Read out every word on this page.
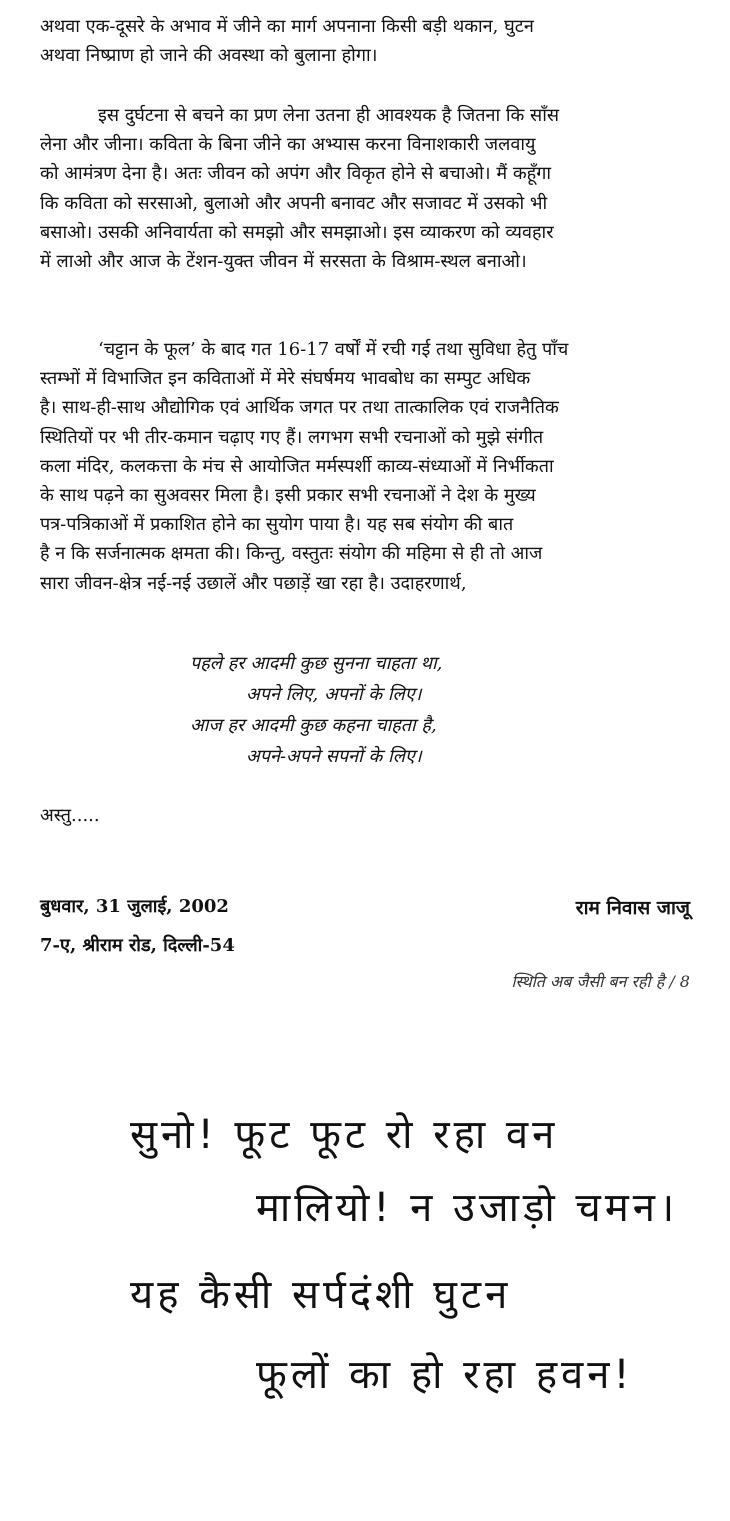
अथवा एक-दूसरे के अभाव में जीने का मार्ग अपनाना किसी बड़ी थकान, घुटन
अथवा निष्प्राण हो जाने की अवस्था को बुलाना होगा।

इस दुर्घटना से बचने का प्रण लेना उतना ही आवश्यक है जितना कि साँस
लेना और जीना। कविता के बिना जीने का अभ्यास करना विनाशकारी जलवायु
को आमंत्रण देना है। अतः जीवन को अपंग और विकृत होने से बचाओ। मैं कहूँगा
कि कविता को सरसाओ, बुलाओ और अपनी बनावट और सजावट में उसको भी
बसाओ। उसकी अनिवार्यता को समझो और समझाओ। इस व्याकरण को व्यवहार
में लाओ और आज के टेंशन-युक्त जीवन में सरसता के विश्राम-स्थल बनाओ।

‘चट्टान के फूल’ के बाद गत 16-17 वर्षों में रची गई तथा सुविधा हेतु पाँच
स्तम्भों में विभाजित इन कविताओं में मेरे संघर्षमय भावबोध का सम्पुट अधिक
है। साथ-ही-साथ औद्योगिक एवं आर्थिक जगत पर तथा तात्कालिक एवं राजनैतिक
स्थितियों पर भी तीर-कमान चढ़ाए गए हैं। लगभग सभी रचनाओं को मुझे संगीत
कला मंदिर, कलकत्ता के मंच से आयोजित मर्मस्पर्शी काव्य-संध्याओं में निर्भीकता
के साथ पढ़ने का सुअवसर मिला है। इसी प्रकार सभी रचनाओं ने देश के मुख्य
पत्र-पत्रिकाओं में प्रकाशित होने का सुयोग पाया है। यह सब संयोग की बात
है न कि सर्जनात्मक क्षमता की। किन्तु, वस्तुतः संयोग की महिमा से ही तो आज
सारा जीवन-क्षेत्र नई-नई उछालें और पछाड़ें खा रहा है। उदाहरणार्थ,

पहले हर आदमी कुछ सुनना चाहता था,
अपने लिए, अपनों के लिए।
आज हर आदमी कुछ कहना चाहता है,
अपने-अपने सपनों के लिए।
अस्तु.....
बुधवार, 31 जुलाई, 2002
7-ए, श्रीराम रोड, दिल्ली-54
राम निवास जाजू
स्थिति अब जैसी बन रही है / 8

सुनो! फूट फूट रो रहा वन

मालियो! न उजाड़ो चमन।

यह कैसी सर्पदंशी घुटन

फूलों का हो रहा हवन!
